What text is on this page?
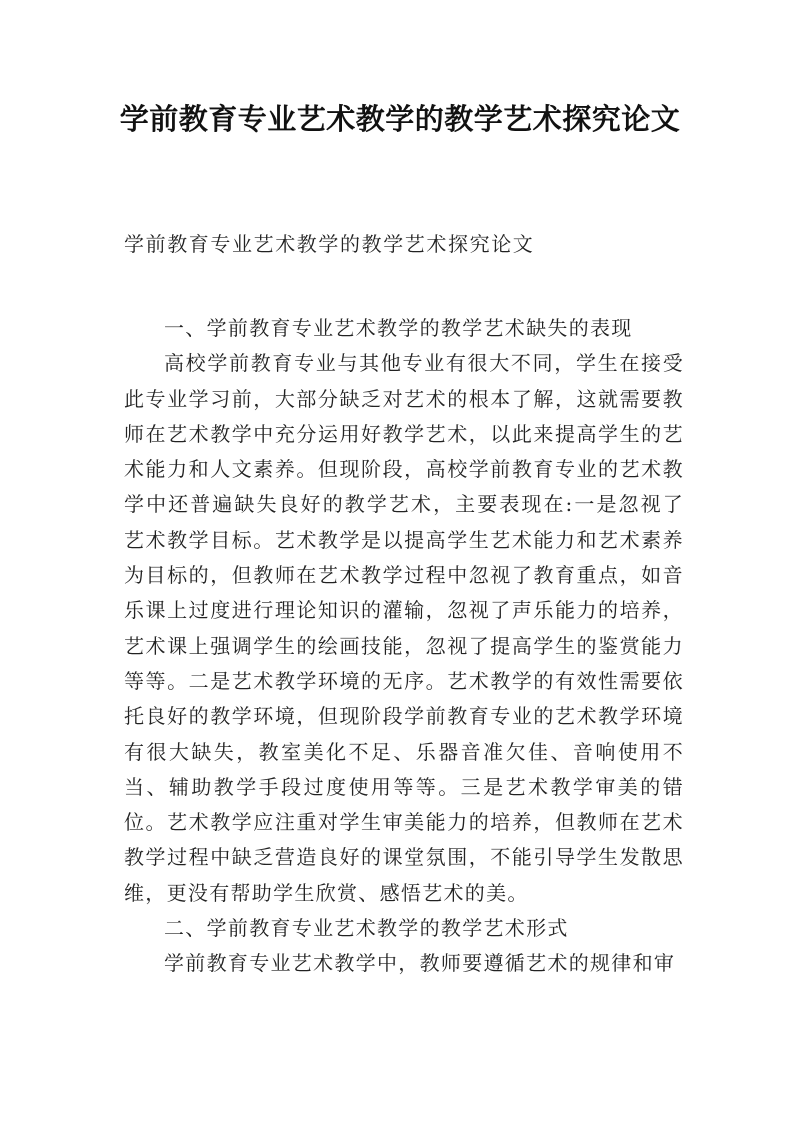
学前教育专业艺术教学的教学艺术探究论文
学前教育专业艺术教学的教学艺术探究论文

一、学前教育专业艺术教学的教学艺术缺失的表现

高校学前教育专业与其他专业有很大不同，学生在接受此专业学习前，大部分缺乏对艺术的根本了解，这就需要教师在艺术教学中充分运用好教学艺术，以此来提高学生的艺术能力和人文素养。但现阶段，高校学前教育专业的艺术教学中还普遍缺失良好的教学艺术，主要表现在:一是忽视了艺术教学目标。艺术教学是以提高学生艺术能力和艺术素养为目标的，但教师在艺术教学过程中忽视了教育重点，如音乐课上过度进行理论知识的灌输，忽视了声乐能力的培养，艺术课上强调学生的绘画技能，忽视了提高学生的鉴赏能力等等。二是艺术教学环境的无序。艺术教学的有效性需要依托良好的教学环境，但现阶段学前教育专业的艺术教学环境有很大缺失，教室美化不足、乐器音准欠佳、音响使用不当、辅助教学手段过度使用等等。三是艺术教学审美的错位。艺术教学应注重对学生审美能力的培养，但教师在艺术教学过程中缺乏营造良好的课堂氛围，不能引导学生发散思维，更没有帮助学生欣赏、感悟艺术的美。

二、学前教育专业艺术教学的教学艺术形式

学前教育专业艺术教学中，教师要遵循艺术的规律和审
